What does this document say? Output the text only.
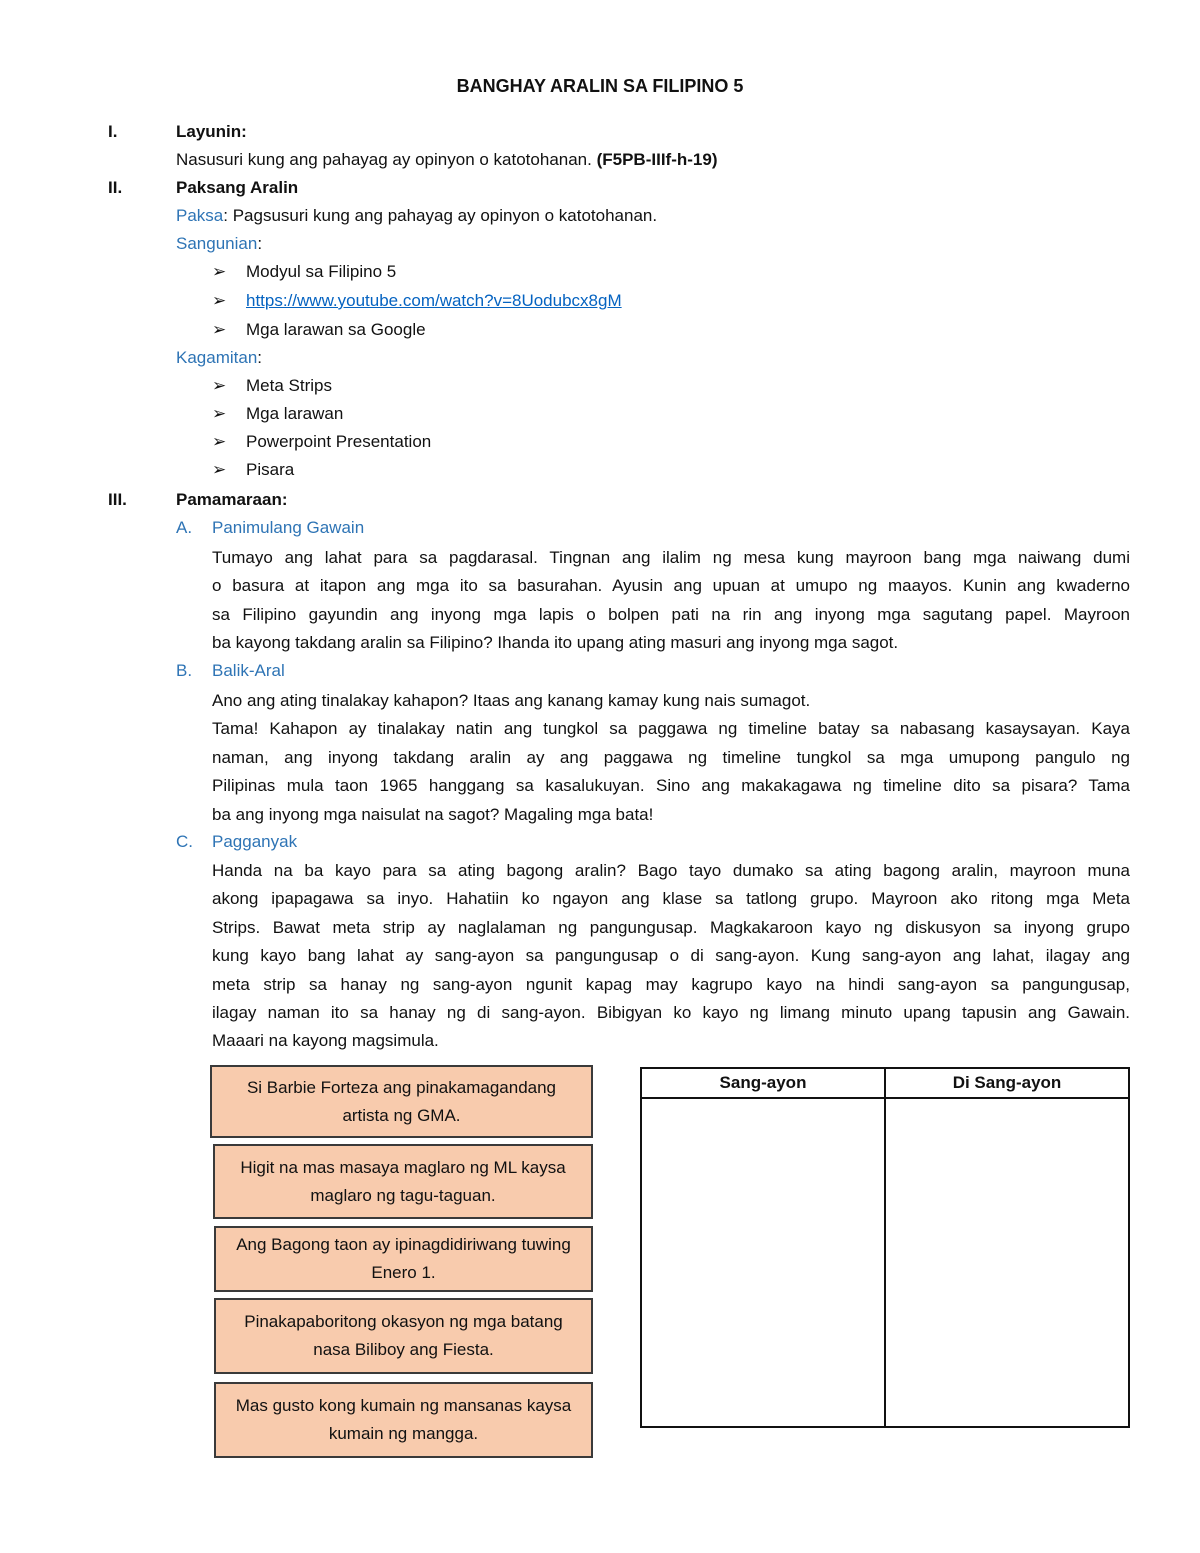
BANGHAY ARALIN SA FILIPINO 5
I.	Layunin:
Nasusuri kung ang pahayag ay opinyon o katotohanan. (F5PB-IIIf-h-19)
II.	Paksang Aralin
Paksa: Pagsusuri kung ang pahayag ay opinyon o katotohanan.
Sangunian:
➢ Modyul sa Filipino 5
➢ https://www.youtube.com/watch?v=8Uodubcx8gM
➢ Mga larawan sa Google
Kagamitan:
➢ Meta Strips
➢ Mga larawan
➢ Powerpoint Presentation
➢ Pisara
III.	Pamamaraan:
A. Panimulang Gawain
Tumayo ang lahat para sa pagdarasal. Tingnan ang ilalim ng mesa kung mayroon bang mga naiwang dumi
o basura at itapon ang mga ito sa basurahan. Ayusin ang upuan at umupo ng maayos. Kunin ang kwaderno
sa Filipino gayundin ang inyong mga lapis o bolpen pati na rin ang inyong mga sagutang papel. Mayroon
ba kayong takdang aralin sa Filipino? Ihanda ito upang ating masuri ang inyong mga sagot.
B. Balik-Aral
Ano ang ating tinalakay kahapon? Itaas ang kanang kamay kung nais sumagot.
Tama! Kahapon ay tinalakay natin ang tungkol sa paggawa ng timeline batay sa nabasang kasaysayan. Kaya
naman, ang inyong takdang aralin ay ang paggawa ng timeline tungkol sa mga umupong pangulo ng
Pilipinas mula taon 1965 hanggang sa kasalukuyan. Sino ang makakagawa ng timeline dito sa pisara? Tama
ba ang inyong mga naisulat na sagot? Magaling mga bata!
C. Pagganyak
Handa na ba kayo para sa ating bagong aralin? Bago tayo dumako sa ating bagong aralin, mayroon muna
akong ipapagawa sa inyo. Hahatiin ko ngayon ang klase sa tatlong grupo. Mayroon ako ritong mga Meta
Strips. Bawat meta strip ay naglalaman ng pangungusap. Magkakaroon kayo ng diskusyon sa inyong grupo
kung kayo bang lahat ay sang-ayon sa pangungusap o di sang-ayon. Kung sang-ayon ang lahat, ilagay ang
meta strip sa hanay ng sang-ayon ngunit kapag may kagrupo kayo na hindi sang-ayon sa pangungusap,
ilagay naman ito sa hanay ng di sang-ayon. Bibigyan ko kayo ng limang minuto upang tapusin ang Gawain.
Maaari na kayong magsimula.
Si Barbie Forteza ang pinakamagandang artista ng GMA.
Higit na mas masaya maglaro ng ML kaysa maglaro ng tagu-taguan.
Ang Bagong taon ay ipinagdidiriwang tuwing Enero 1.
Pinakapaboritong okasyon ng mga batang nasa Biliboy ang Fiesta.
Mas gusto kong kumain ng mansanas kaysa kumain ng mangga.
Sang-ayon	Di Sang-ayon
